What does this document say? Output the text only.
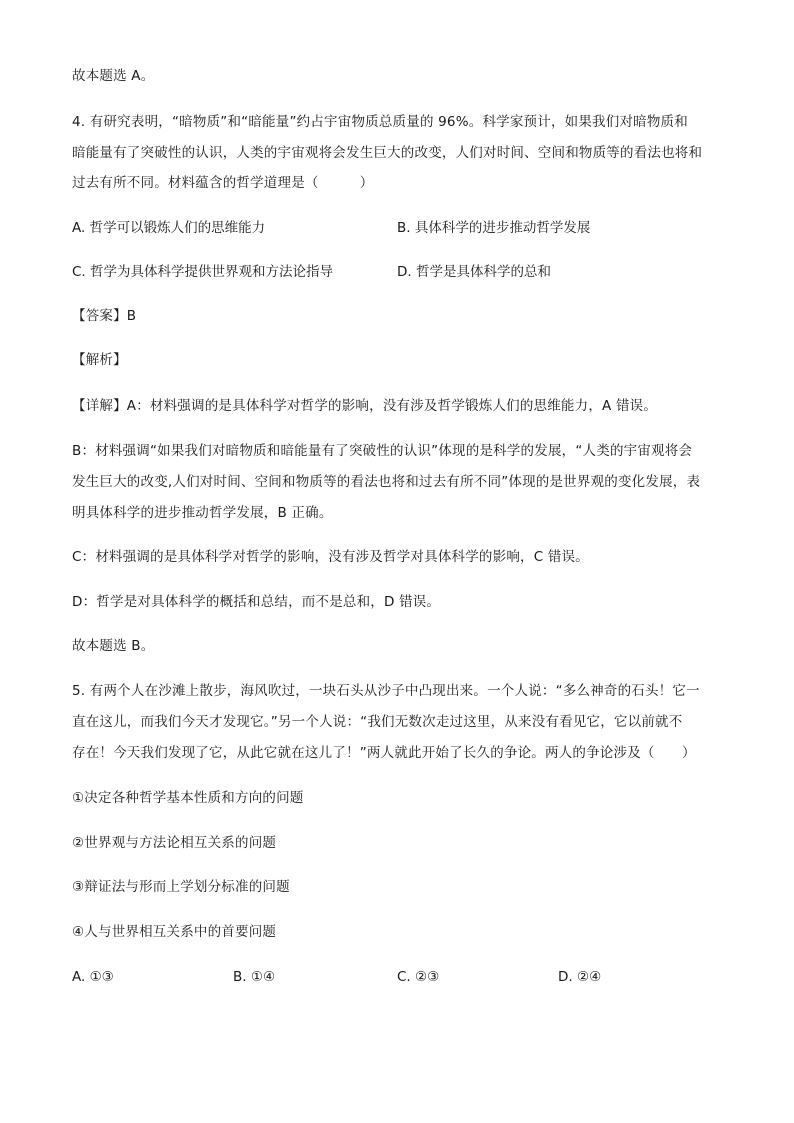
故本题选 A。
4. 有研究表明，“暗物质”和“暗能量”约占宇宙物质总质量的 96%。科学家预计，如果我们对暗物质和
暗能量有了突破性的认识，人类的宇宙观将会发生巨大的改变，人们对时间、空间和物质等的看法也将和
过去有所不同。材料蕴含的哲学道理是（　　　）
A. 哲学可以锻炼人们的思维能力	B. 具体科学的进步推动哲学发展
C. 哲学为具体科学提供世界观和方法论指导	D. 哲学是具体科学的总和
【答案】B
【解析】
【详解】A：材料强调的是具体科学对哲学的影响，没有涉及哲学锻炼人们的思维能力，A 错误。
B：材料强调“如果我们对暗物质和暗能量有了突破性的认识”体现的是科学的发展，“人类的宇宙观将会
发生巨大的改变,人们对时间、空间和物质等的看法也将和过去有所不同”体现的是世界观的变化发展，表
明具体科学的进步推动哲学发展，B 正确。
C：材料强调的是具体科学对哲学的影响，没有涉及哲学对具体科学的影响，C 错误。
D：哲学是对具体科学的概括和总结，而不是总和，D 错误。
故本题选 B。
5. 有两个人在沙滩上散步，海风吹过，一块石头从沙子中凸现出来。一个人说：“多么神奇的石头！它一
直在这儿，而我们今天才发现它。”另一个人说：“我们无数次走过这里，从来没有看见它，它以前就不
存在！今天我们发现了它，从此它就在这儿了！”两人就此开始了长久的争论。两人的争论涉及（　　）
①决定各种哲学基本性质和方向的问题
②世界观与方法论相互关系的问题
③辩证法与形而上学划分标准的问题
④人与世界相互关系中的首要问题
A. ①③	B. ①④	C. ②③	D. ②④
